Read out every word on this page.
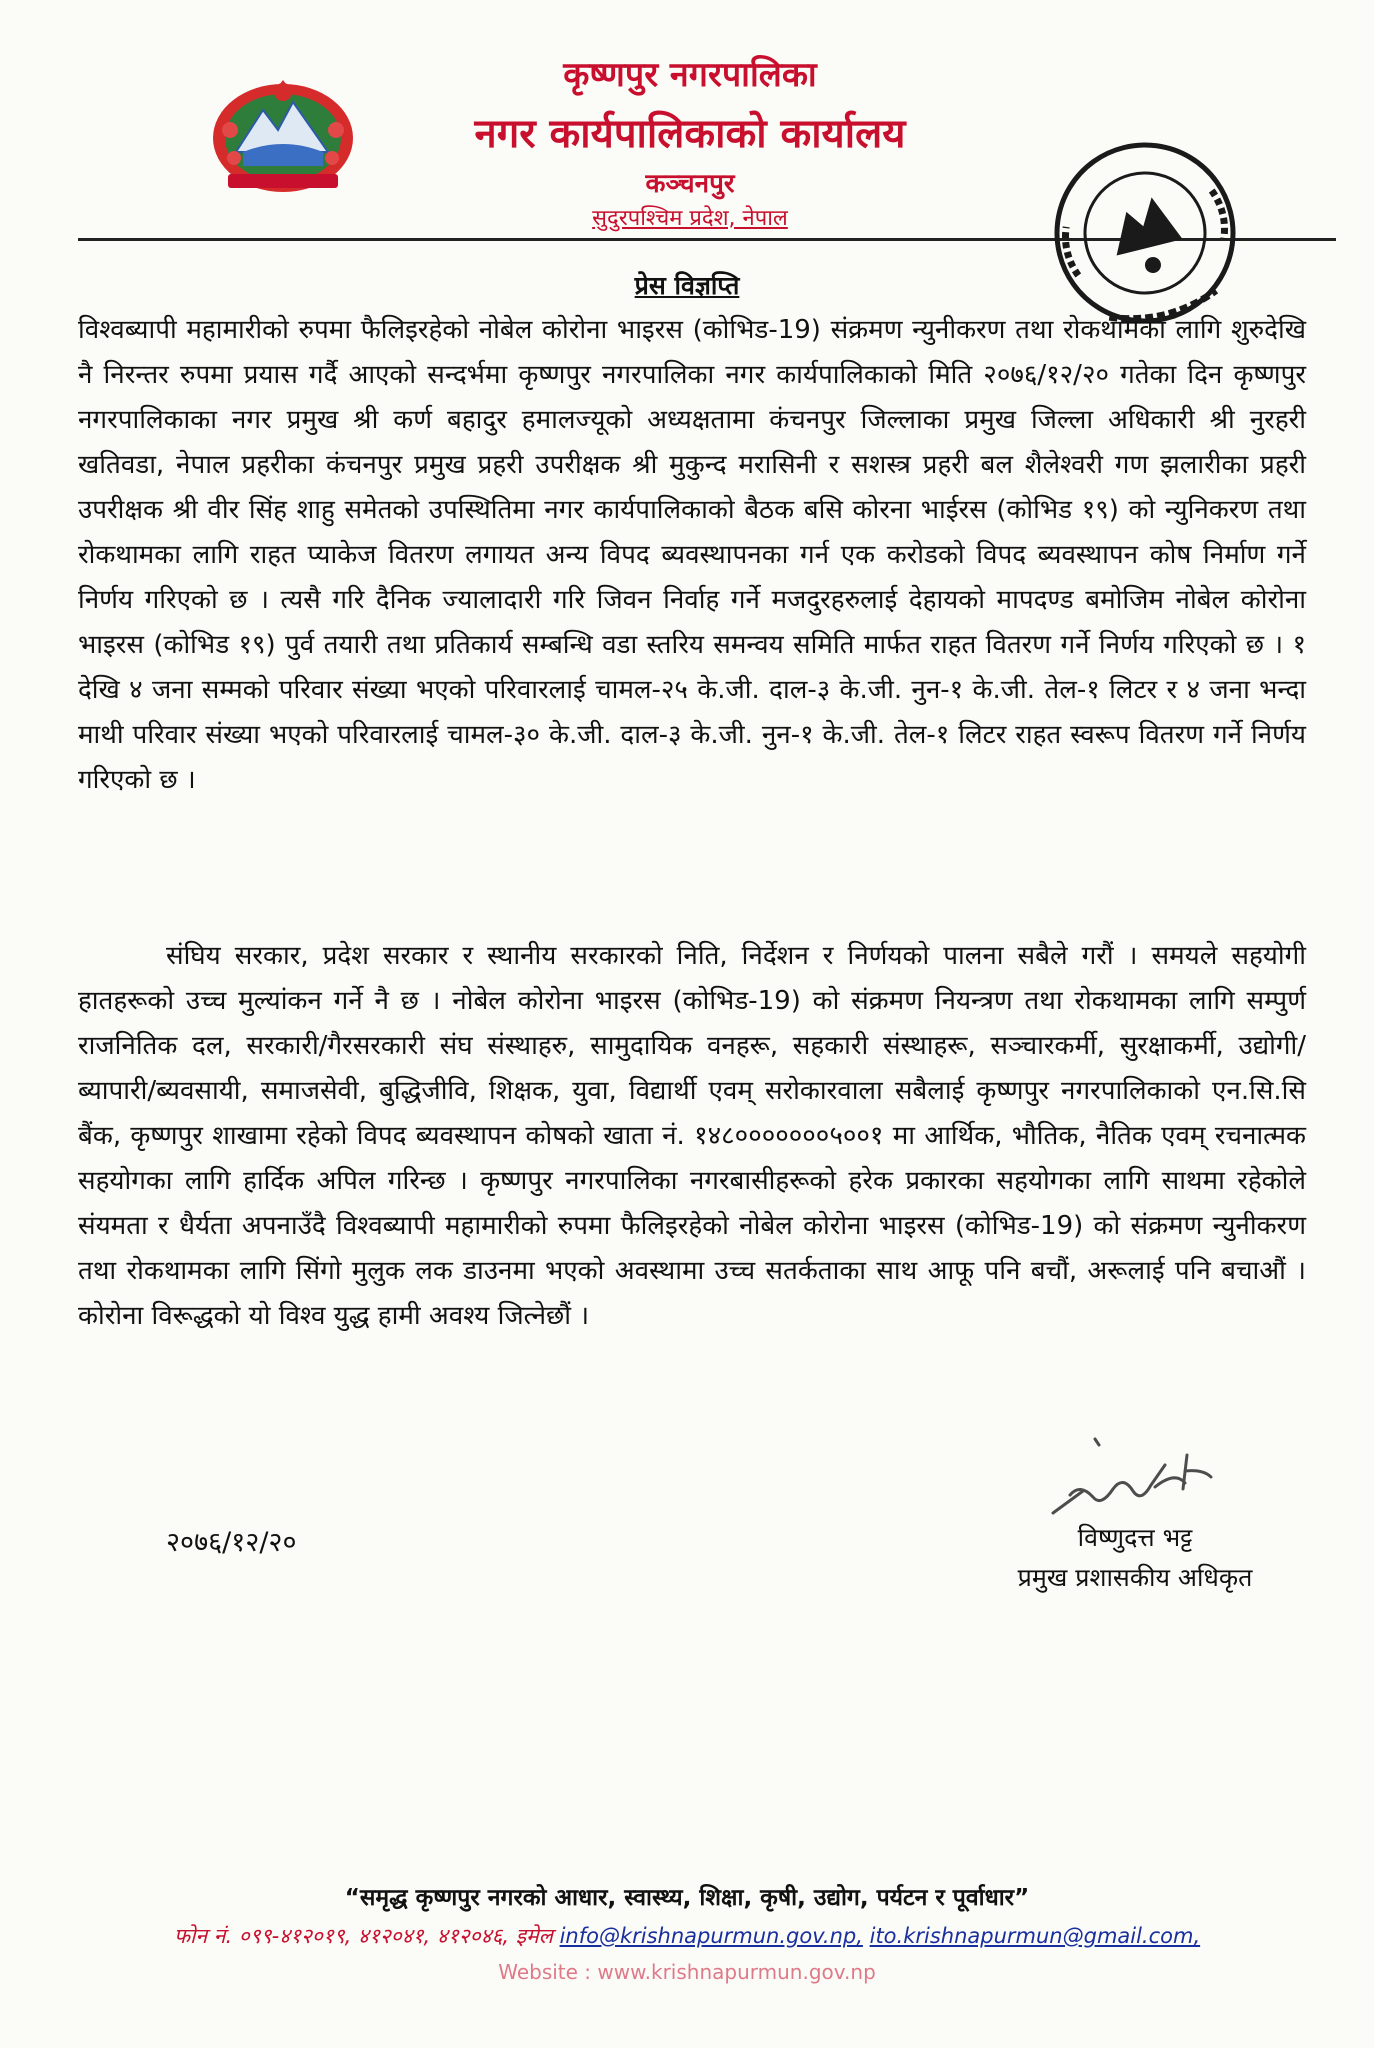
कृष्णपुर नगरपालिका
नगर कार्यपालिकाको कार्यालय
कञ्चनपुर
सुदुरपश्चिम प्रदेश, नेपाल
प्रेस विज्ञप्ति
विश्वब्यापी महामारीको रुपमा फैलिइरहेको नोबेल कोरोना भाइरस (कोभिड-19) संक्रमण न्युनीकरण तथा रोकथामका लागि शुरुदेखि नै निरन्तर रुपमा प्रयास गर्दै आएको सन्दर्भमा कृष्णपुर नगरपालिका नगर कार्यपालिकाको मिति २०७६/१२/२० गतेका दिन कृष्णपुर नगरपालिकाका नगर प्रमुख श्री कर्ण बहादुर हमालज्यूको अध्यक्षतामा कंचनपुर जिल्लाका प्रमुख जिल्ला अधिकारी श्री नुरहरी खतिवडा, नेपाल प्रहरीका कंचनपुर प्रमुख प्रहरी उपरीक्षक श्री मुकुन्द मरासिनी र सशस्त्र प्रहरी बल शैलेश्वरी गण झलारीका प्रहरी उपरीक्षक श्री वीर सिंह शाहु समेतको उपस्थितिमा नगर कार्यपालिकाको बैठक बसि कोरना भाईरस (कोभिड १९) को न्युनिकरण तथा रोकथामका लागि राहत प्याकेज वितरण लगायत अन्य विपद ब्यवस्थापनका गर्न एक करोडको विपद ब्यवस्थापन कोष निर्माण गर्ने निर्णय गरिएको छ । त्यसै गरि दैनिक ज्यालादारी गरि जिवन निर्वाह गर्ने मजदुरहरुलाई देहायको मापदण्ड बमोजिम नोबेल कोरोना भाइरस (कोभिड १९) पुर्व तयारी तथा प्रतिकार्य सम्बन्धि वडा स्तरिय समन्वय समिति मार्फत राहत वितरण गर्ने निर्णय गरिएको छ । १ देखि ४ जना सम्मको परिवार संख्या भएको परिवारलाई चामल-२५ के.जी. दाल-३ के.जी. नुन-१ के.जी. तेल-१ लिटर र ४ जना भन्दा माथी परिवार संख्या भएको परिवारलाई चामल-३० के.जी. दाल-३ के.जी. नुन-१ के.जी. तेल-१ लिटर राहत स्वरूप वितरण गर्ने निर्णय गरिएको छ ।
संघिय सरकार, प्रदेश सरकार र स्थानीय सरकारको निति, निर्देशन र निर्णयको पालना सबैले गरौं । समयले सहयोगी हातहरूको उच्च मुल्यांकन गर्ने नै छ । नोबेल कोरोना भाइरस (कोभिड-19) को संक्रमण नियन्त्रण तथा रोकथामका लागि सम्पुर्ण राजनितिक दल, सरकारी/गैरसरकारी संघ संस्थाहरु, सामुदायिक वनहरू, सहकारी संस्थाहरू, सञ्चारकर्मी, सुरक्षाकर्मी, उद्योगी/ब्यापारी/ब्यवसायी, समाजसेवी, बुद्धिजीवि, शिक्षक, युवा, विद्यार्थी एवम् सरोकारवाला सबैलाई कृष्णपुर नगरपालिकाको एन.सि.सि बैंक, कृष्णपुर शाखामा रहेको विपद ब्यवस्थापन कोषको खाता नं. १४८०००००००५००१ मा आर्थिक, भौतिक, नैतिक एवम् रचनात्मक सहयोगका लागि हार्दिक अपिल गरिन्छ । कृष्णपुर नगरपालिका नगरबासीहरूको हरेक प्रकारका सहयोगका लागि साथमा रहेकोले संयमता र धैर्यता अपनाउँदै विश्वब्यापी महामारीको रुपमा फैलिइरहेको नोबेल कोरोना भाइरस (कोभिड-19) को संक्रमण न्युनीकरण तथा रोकथामका लागि सिंगो मुलुक लक डाउनमा भएको अवस्थामा उच्च सतर्कताका साथ आफू पनि बचौं, अरूलाई पनि बचाऔं । कोरोना विरूद्धको यो विश्व युद्ध हामी अवश्य जित्नेछौं ।
२०७६/१२/२०	विष्णुदत्त भट्ट
प्रमुख प्रशासकीय अधिकृत
“समृद्ध कृष्णपुर नगरको आधार, स्वास्थ्य, शिक्षा, कृषी, उद्योग, पर्यटन र पूर्वाधार”
फोन नं. ०९९-४१२०१९, ४१२०४१, ४१२०४६, इमेल info@krishnapurmun.gov.np, ito.krishnapurmun@gmail.com,
Website : www.krishnapurmun.gov.np
